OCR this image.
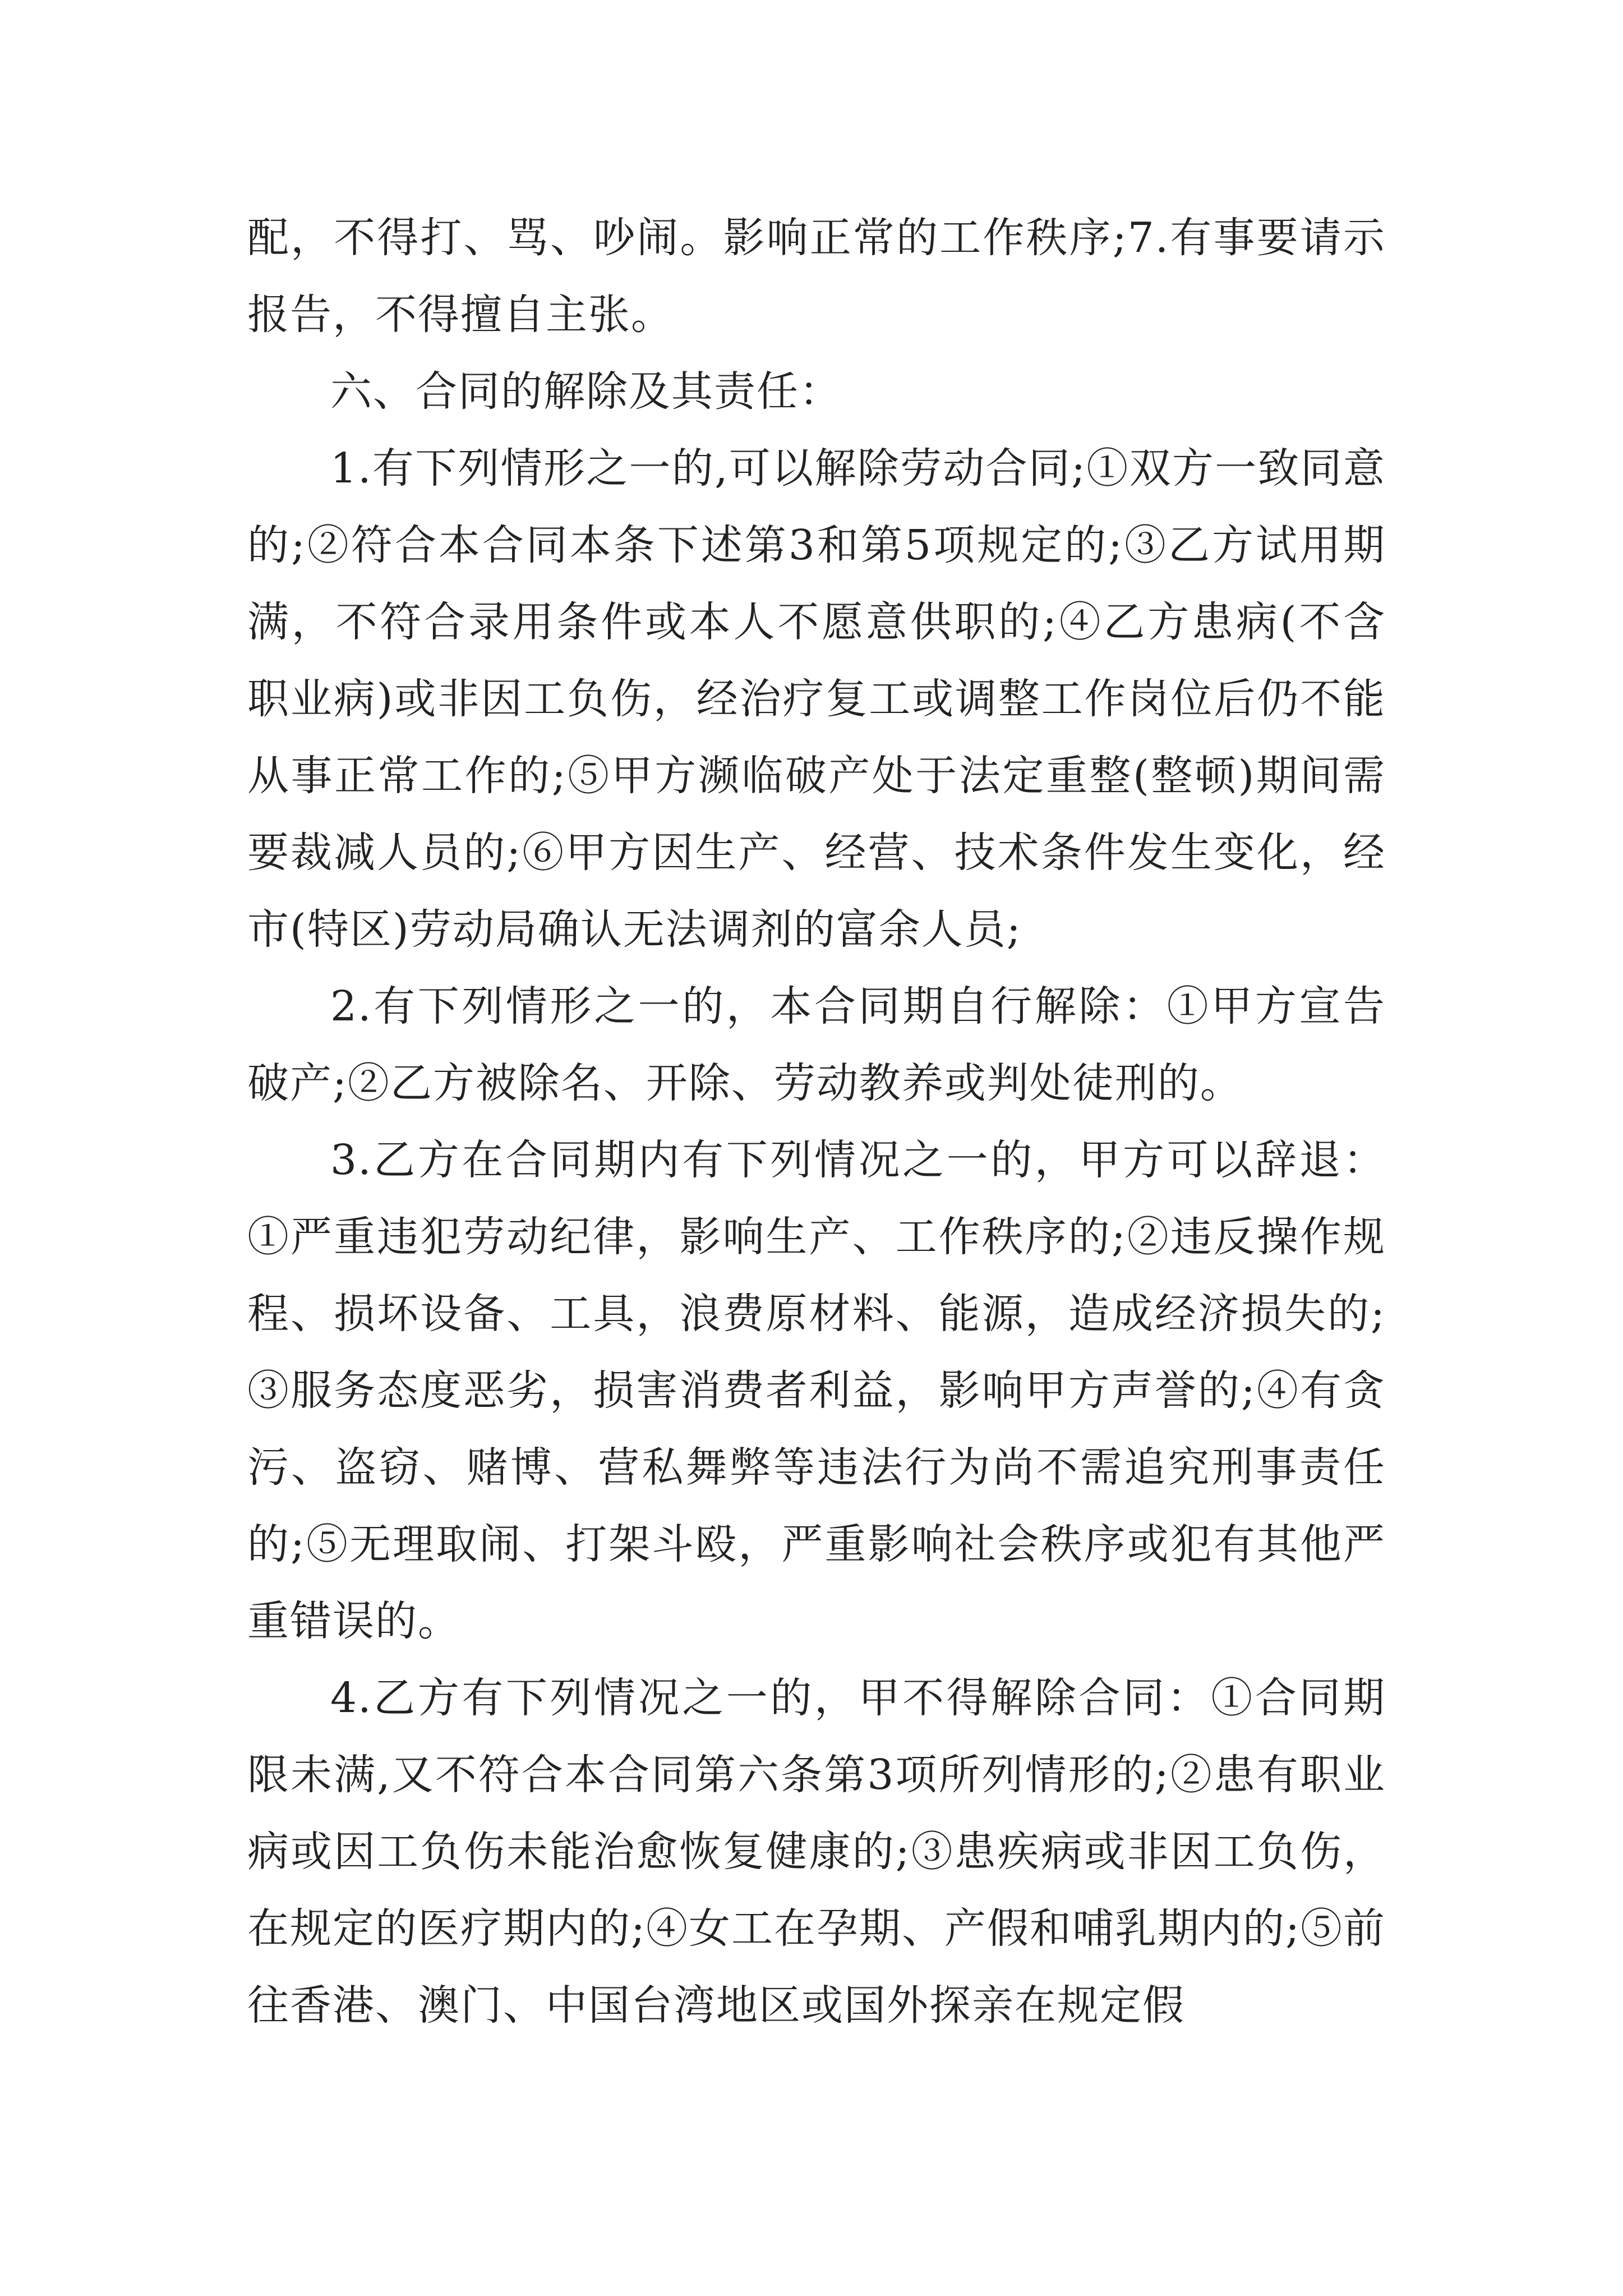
配，不得打、骂、吵闹。影响正常的工作秩序;7.有事要请示报告，不得擅自主张。

六、合同的解除及其责任：

1.有下列情形之一的,可以解除劳动合同;①双方一致同意的;②符合本合同本条下述第3和第5项规定的;③乙方试用期满，不符合录用条件或本人不愿意供职的;④乙方患病(不含职业病)或非因工负伤，经治疗复工或调整工作岗位后仍不能从事正常工作的;⑤甲方濒临破产处于法定重整(整顿)期间需要裁减人员的;⑥甲方因生产、经营、技术条件发生变化，经市(特区)劳动局确认无法调剂的富余人员;

2.有下列情形之一的，本合同期自行解除：①甲方宣告破产;②乙方被除名、开除、劳动教养或判处徒刑的。

3.乙方在合同期内有下列情况之一的，甲方可以辞退：①严重违犯劳动纪律，影响生产、工作秩序的;②违反操作规程、损坏设备、工具，浪费原材料、能源，造成经济损失的;③服务态度恶劣，损害消费者利益，影响甲方声誉的;④有贪污、盗窃、赌博、营私舞弊等违法行为尚不需追究刑事责任的;⑤无理取闹、打架斗殴，严重影响社会秩序或犯有其他严重错误的。

4.乙方有下列情况之一的，甲不得解除合同：①合同期限未满,又不符合本合同第六条第3项所列情形的;②患有职业病或因工负伤未能治愈恢复健康的;③患疾病或非因工负伤，在规定的医疗期内的;④女工在孕期、产假和哺乳期内的;⑤前往香港、澳门、中国台湾地区或国外探亲在规定假
